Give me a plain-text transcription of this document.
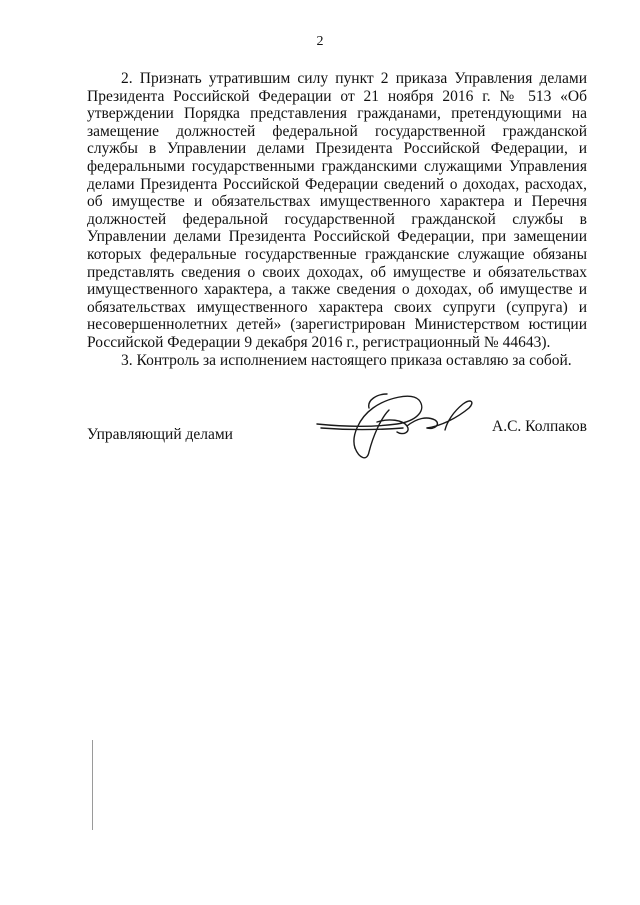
2

2. Признать утратившим силу пункт 2 приказа Управления делами Президента Российской Федерации от 21 ноября 2016 г. № 513 «Об утверждении Порядка представления гражданами, претендующими на замещение должностей федеральной государственной гражданской службы в Управлении делами Президента Российской Федерации, и федеральными государственными гражданскими служащими Управления делами Президента Российской Федерации сведений о доходах, расходах, об имуществе и обязательствах имущественного характера и Перечня должностей федеральной государственной гражданской службы в Управлении делами Президента Российской Федерации, при замещении которых федеральные государственные гражданские служащие обязаны представлять сведения о своих доходах, об имуществе и обязательствах имущественного характера, а также сведения о доходах, об имуществе и обязательствах имущественного характера своих супруги (супруга) и несовершеннолетних детей» (зарегистрирован Министерством юстиции Российской Федерации 9 декабря 2016 г., регистрационный № 44643).

3. Контроль за исполнением настоящего приказа оставляю за собой.

Управляющий делами	А.С. Колпаков
